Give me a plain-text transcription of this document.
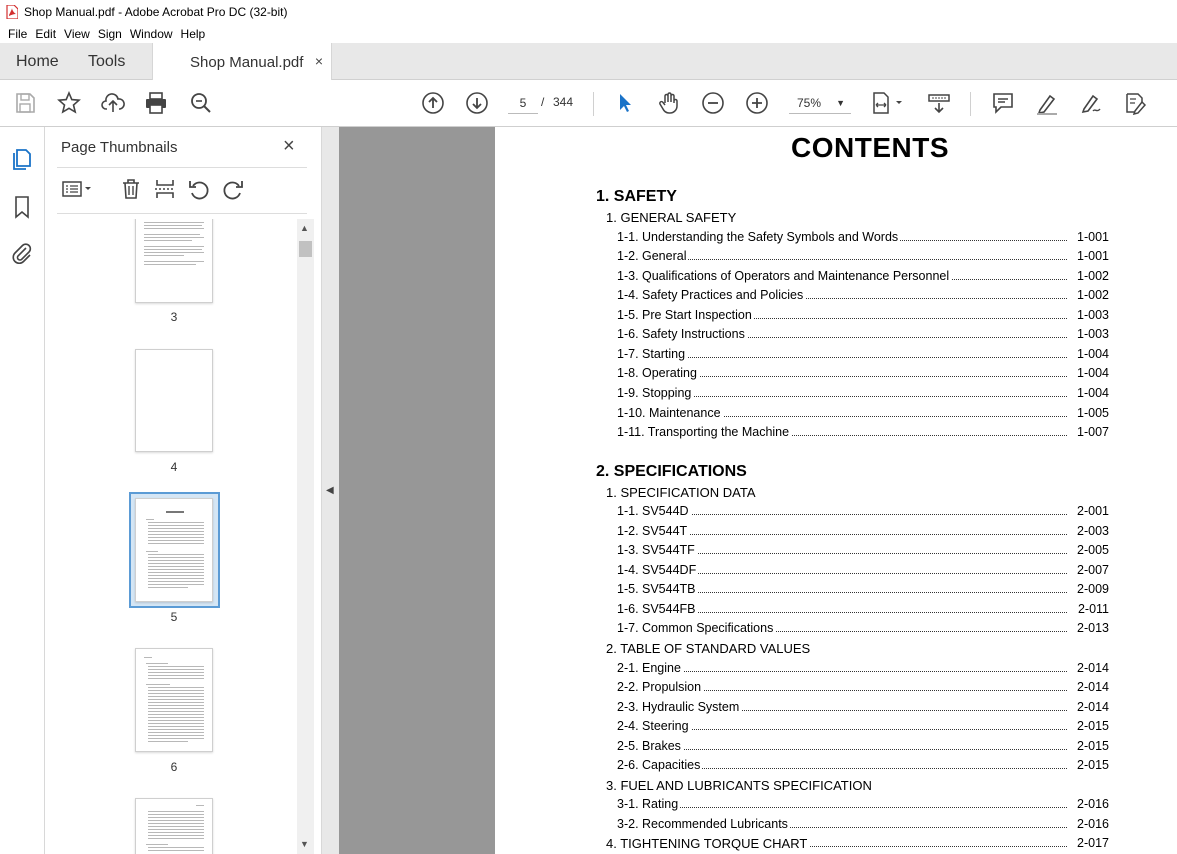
Shop Manual.pdf - Adobe Acrobat Pro DC (32-bit)
File Edit View Sign Window Help
Home Tools	Shop Manual.pdf ×
5	/ 344	75% ▼
Page Thumbnails	×
3
4
5
6
▲
▼
◀
CONTENTS
1. SAFETY
1. GENERAL SAFETY
1-1. Understanding the Safety Symbols and Words	1-001
1-2. General	1-001
1-3. Qualifications of Operators and Maintenance Personnel	1-002
1-4. Safety Practices and Policies	1-002
1-5. Pre Start Inspection	1-003
1-6. Safety Instructions	1-003
1-7. Starting	1-004
1-8. Operating	1-004
1-9. Stopping	1-004
1-10. Maintenance	1-005
1-11. Transporting the Machine	1-007
2. SPECIFICATIONS
1. SPECIFICATION DATA
1-1. SV544D	2-001
1-2. SV544T	2-003
1-3. SV544TF	2-005
1-4. SV544DF	2-007
1-5. SV544TB	2-009
1-6. SV544FB	2-011
1-7. Common Specifications	2-013
2. TABLE OF STANDARD VALUES
2-1. Engine	2-014
2-2. Propulsion	2-014
2-3. Hydraulic System	2-014
2-4. Steering	2-015
2-5. Brakes	2-015
2-6. Capacities	2-015
3. FUEL AND LUBRICANTS SPECIFICATION
3-1. Rating	2-016
3-2. Recommended Lubricants	2-016
4. TIGHTENING TORQUE CHART	2-017
